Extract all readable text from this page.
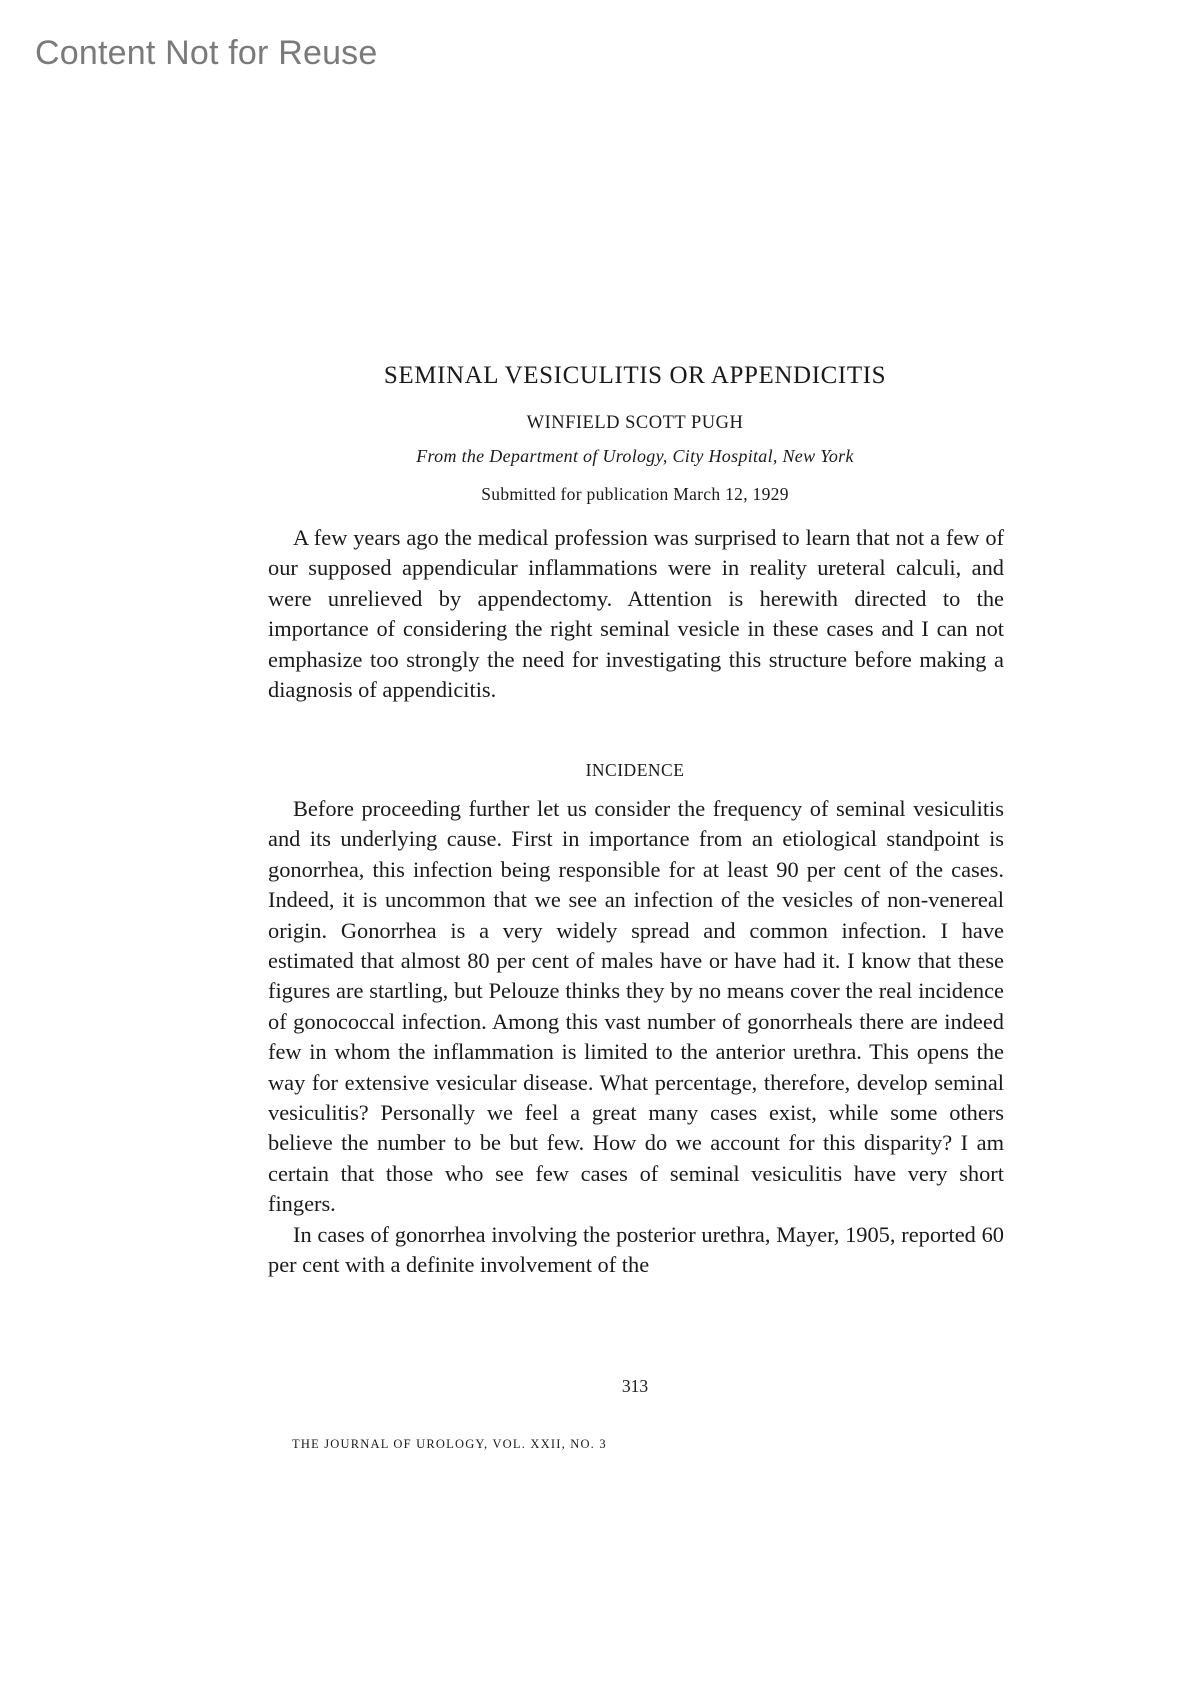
Content Not for Reuse
SEMINAL VESICULITIS OR APPENDICITIS
WINFIELD SCOTT PUGH
From the Department of Urology, City Hospital, New York
Submitted for publication March 12, 1929

A few years ago the medical profession was surprised to learn that not a few of our supposed appendicular inflammations were in reality ureteral calculi, and were unrelieved by appendectomy. Attention is herewith directed to the importance of considering the right seminal vesicle in these cases and I can not emphasize too strongly the need for investigating this structure before making a diagnosis of appendicitis.

INCIDENCE

Before proceeding further let us consider the frequency of seminal vesiculitis and its underlying cause. First in importance from an etiological standpoint is gonorrhea, this infection being responsible for at least 90 per cent of the cases. Indeed, it is uncommon that we see an infection of the vesicles of non-venereal origin. Gonorrhea is a very widely spread and common infection. I have estimated that almost 80 per cent of males have or have had it. I know that these figures are startling, but Pelouze thinks they by no means cover the real incidence of gonococcal infection. Among this vast number of gonorrheals there are indeed few in whom the inflammation is limited to the anterior urethra. This opens the way for extensive vesicular disease. What percentage, therefore, develop seminal vesiculitis? Personally we feel a great many cases exist, while some others believe the number to be but few. How do we account for this disparity? I am certain that those who see few cases of seminal vesiculitis have very short fingers.

In cases of gonorrhea involving the posterior urethra, Mayer, 1905, reported 60 per cent with a definite involvement of the

313
THE JOURNAL OF UROLOGY, VOL. XXII, NO. 3
